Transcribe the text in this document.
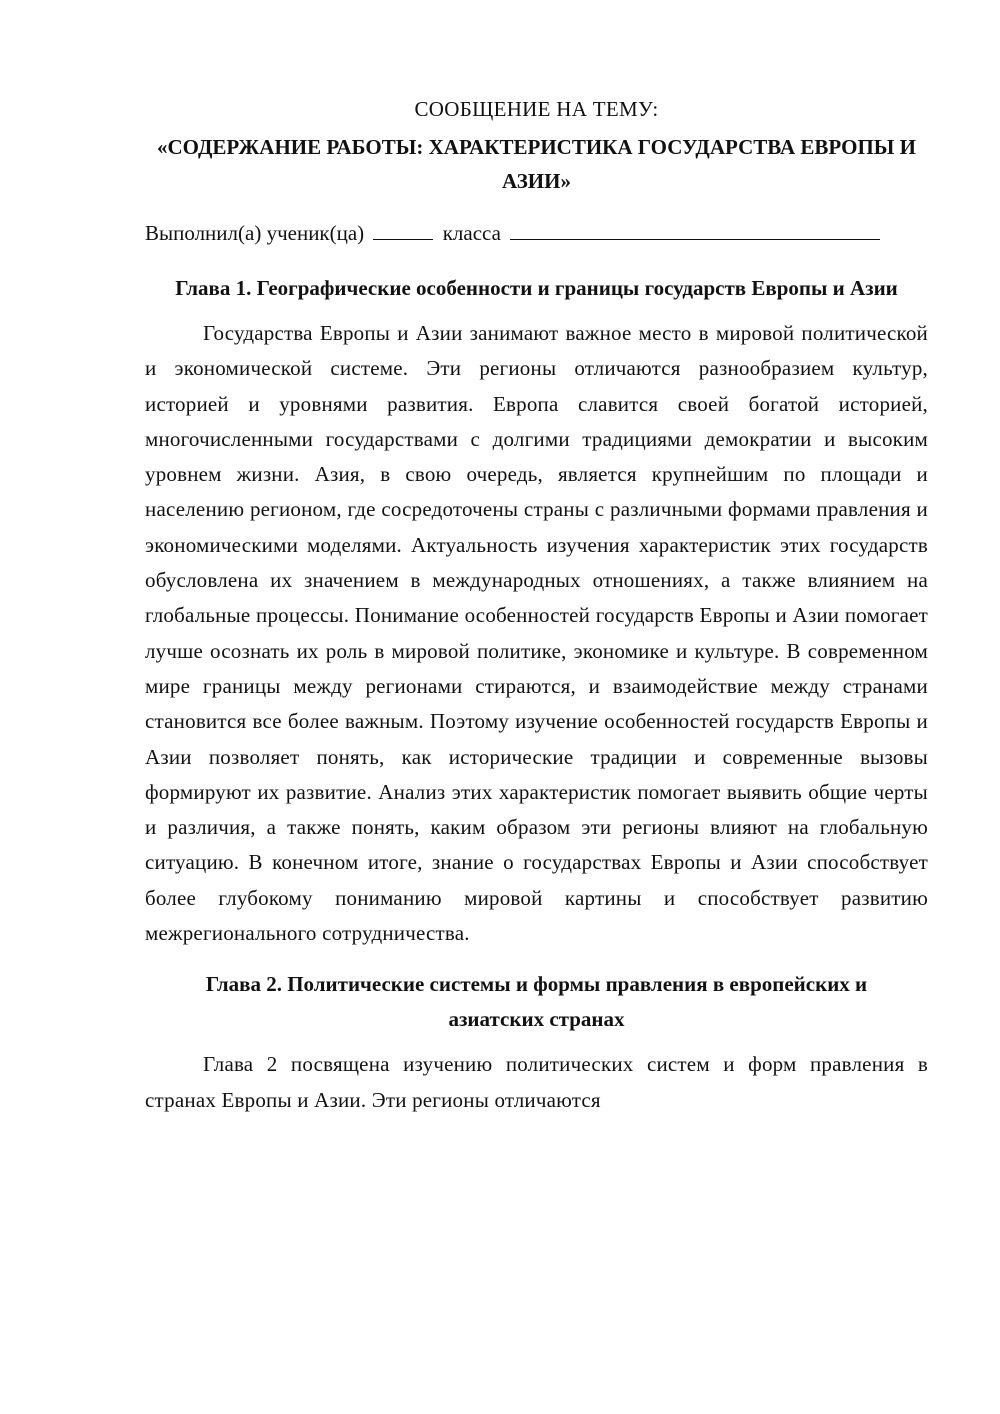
СООБЩЕНИЕ НА ТЕМУ:

«СОДЕРЖАНИЕ РАБОТЫ: ХАРАКТЕРИСТИКА ГОСУДАРСТВА ЕВРОПЫ И АЗИИ»

Выполнил(а) ученик(ца)	класса

Глава 1. Географические особенности и границы государств Европы и Азии

Государства Европы и Азии занимают важное место в мировой политической и экономической системе. Эти регионы отличаются разнообразием культур, историей и уровнями развития. Европа славится своей богатой историей, многочисленными государствами с долгими традициями демократии и высоким уровнем жизни. Азия, в свою очередь, является крупнейшим по площади и населению регионом, где сосредоточены страны с различными формами правления и экономическими моделями. Актуальность изучения характеристик этих государств обусловлена их значением в международных отношениях, а также влиянием на глобальные процессы. Понимание особенностей государств Европы и Азии помогает лучше осознать их роль в мировой политике, экономике и культуре. В современном мире границы между регионами стираются, и взаимодействие между странами становится все более важным. Поэтому изучение особенностей государств Европы и Азии позволяет понять, как исторические традиции и современные вызовы формируют их развитие. Анализ этих характеристик помогает выявить общие черты и различия, а также понять, каким образом эти регионы влияют на глобальную ситуацию. В конечном итоге, знание о государствах Европы и Азии способствует более глубокому пониманию мировой картины и способствует развитию межрегионального сотрудничества.

Глава 2. Политические системы и формы правления в европейских и азиатских странах

Глава 2 посвящена изучению политических систем и форм правления в странах Европы и Азии. Эти регионы отличаются
